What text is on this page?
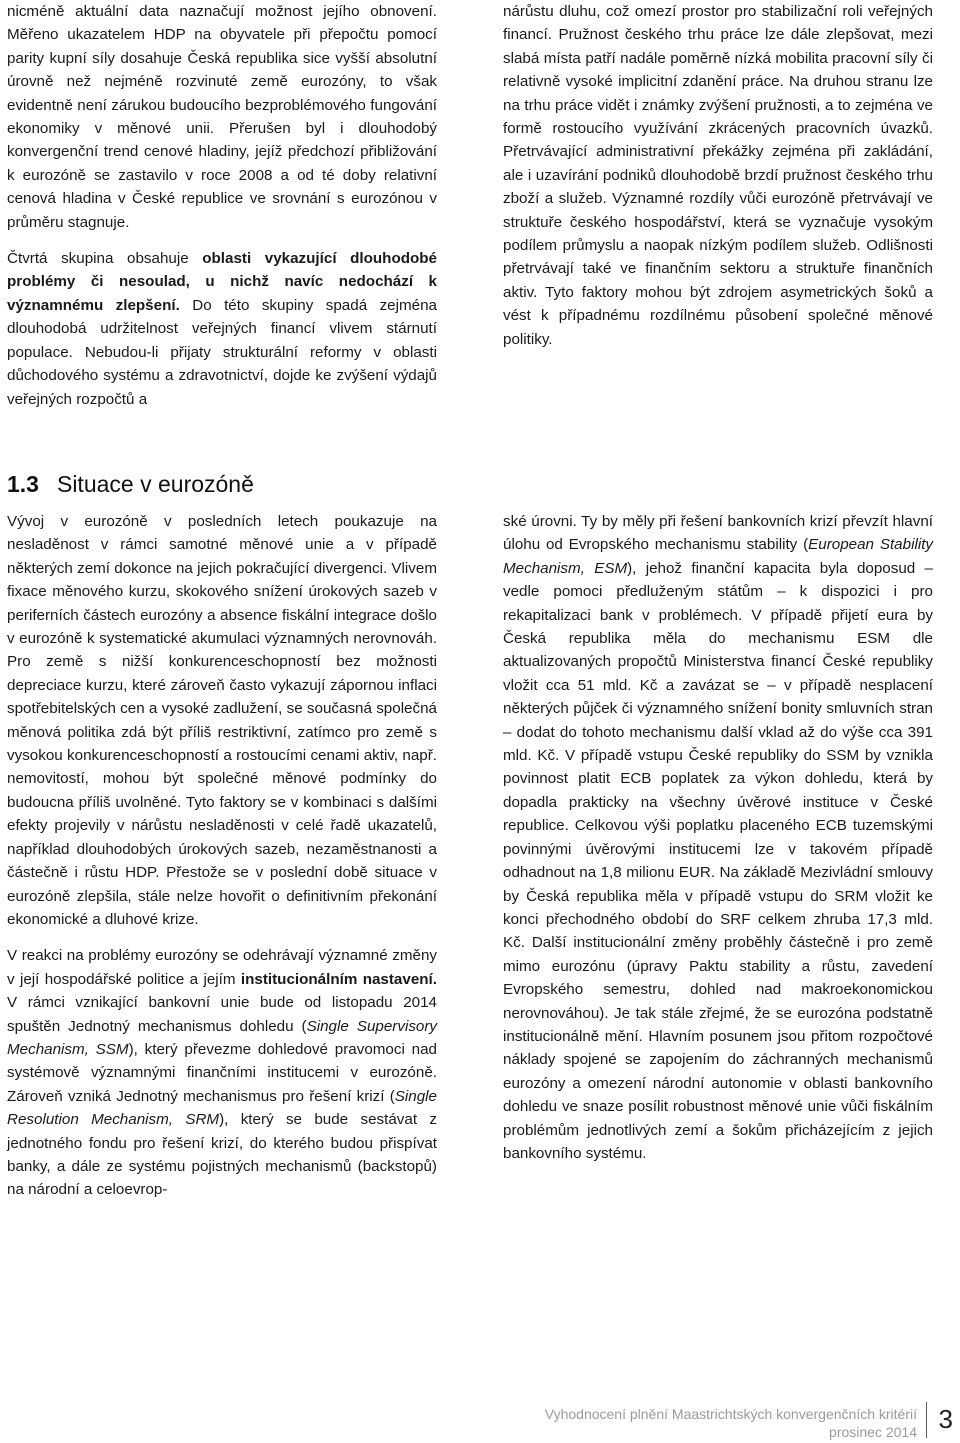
nicméně aktuální data naznačují možnost jejího obnovení. Měřeno ukazatelem HDP na obyvatele při přepočtu pomocí parity kupní síly dosahuje Česká republika sice vyšší absolutní úrovně než nejméně rozvinuté země eurozóny, to však evidentně není zárukou budoucího bezproblémového fungování ekonomiky v měnové unii. Přerušen byl i dlouhodobý konvergenční trend cenové hladiny, jejíž předchozí přibližování k eurozóně se zastavilo v roce 2008 a od té doby relativní cenová hladina v České republice ve srovnání s eurozónou v průměru stagnuje.

Čtvrtá skupina obsahuje oblasti vykazující dlouhodobé problémy či nesoulad, u nichž navíc nedochází k významnému zlepšení. Do této skupiny spadá zejména dlouhodobá udržitelnost veřejných financí vlivem stárnutí populace. Nebudou-li přijaty strukturální reformy v oblasti důchodového systému a zdravotnictví, dojde ke zvýšení výdajů veřejných rozpočtů a

nárůstu dluhu, což omezí prostor pro stabilizační roli veřejných financí. Pružnost českého trhu práce lze dále zlepšovat, mezi slabá místa patří nadále poměrně nízká mobilita pracovní síly či relativně vysoké implicitní zdanění práce. Na druhou stranu lze na trhu práce vidět i známky zvýšení pružnosti, a to zejména ve formě rostoucího využívání zkrácených pracovních úvazků. Přetrvávající administrativní překážky zejména při zakládání, ale i uzavírání podniků dlouhodobě brzdí pružnost českého trhu zboží a služeb. Významné rozdíly vůči eurozóně přetrvávají ve struktuře českého hospodářství, která se vyznačuje vysokým podílem průmyslu a naopak nízkým podílem služeb. Odlišnosti přetrvávají také ve finančním sektoru a struktuře finančních aktiv. Tyto faktory mohou být zdrojem asymetrických šoků a vést k případnému rozdílnému působení společné měnové politiky.

1.3 Situace v eurozóně

Vývoj v eurozóně v posledních letech poukazuje na nesladěnost v rámci samotné měnové unie a v případě některých zemí dokonce na jejich pokračující divergenci. Vlivem fixace měnového kurzu, skokového snížení úrokových sazeb v periferních částech eurozóny a absence fiskální integrace došlo v eurozóně k systematické akumulaci významných nerovnováh. Pro země s nižší konkurenceschopností bez možnosti depreciace kurzu, které zároveň často vykazují zápornou inflaci spotřebitelských cen a vysoké zadlužení, se současná společná měnová politika zdá být příliš restriktivní, zatímco pro země s vysokou konkurenceschopností a rostoucími cenami aktiv, např. nemovitostí, mohou být společné měnové podmínky do budoucna příliš uvolněné. Tyto faktory se v kombinaci s dalšími efekty projevily v nárůstu nesladěnosti v celé řadě ukazatelů, například dlouhodobých úrokových sazeb, nezaměstnanosti a částečně i růstu HDP. Přestože se v poslední době situace v eurozóně zlepšila, stále nelze hovořit o definitivním překonání ekonomické a dluhové krize.

V reakci na problémy eurozóny se odehrávají významné změny v její hospodářské politice a jejím institucionálním nastavení. V rámci vznikající bankovní unie bude od listopadu 2014 spuštěn Jednotný mechanismus dohledu (Single Supervisory Mechanism, SSM), který převezme dohledové pravomoci nad systémově významnými finančními institucemi v eurozóně. Zároveň vzniká Jednotný mechanismus pro řešení krizí (Single Resolution Mechanism, SRM), který se bude sestávat z jednotného fondu pro řešení krizí, do kterého budou přispívat banky, a dále ze systému pojistných mechanismů (backstopů) na národní a celoevrop-

ské úrovni. Ty by měly při řešení bankovních krizí převzít hlavní úlohu od Evropského mechanismu stability (European Stability Mechanism, ESM), jehož finanční kapacita byla doposud – vedle pomoci předluženým státům – k dispozici i pro rekapitalizaci bank v problémech. V případě přijetí eura by Česká republika měla do mechanismu ESM dle aktualizovaných propočtů Ministerstva financí České republiky vložit cca 51 mld. Kč a zavázat se – v případě nesplacení některých půjček či významného snížení bonity smluvních stran – dodat do tohoto mechanismu další vklad až do výše cca 391 mld. Kč. V případě vstupu České republiky do SSM by vznikla povinnost platit ECB poplatek za výkon dohledu, která by dopadla prakticky na všechny úvěrové instituce v České republice. Celkovou výši poplatku placeného ECB tuzemskými povinnými úvěrovými institucemi lze v takovém případě odhadnout na 1,8 milionu EUR. Na základě Mezivládní smlouvy by Česká republika měla v případě vstupu do SRM vložit ke konci přechodného období do SRF celkem zhruba 17,3 mld. Kč. Další institucionální změny proběhly částečně i pro země mimo eurozónu (úpravy Paktu stability a růstu, zavedení Evropského semestru, dohled nad makroekonomickou nerovnováhou). Je tak stále zřejmé, že se eurozóna podstatně institucionálně mění. Hlavním posunem jsou přitom rozpočtové náklady spojené se zapojením do záchranných mechanismů eurozóny a omezení národní autonomie v oblasti bankovního dohledu ve snaze posílit robustnost měnové unie vůči fiskálním problémům jednotlivých zemí a šokům přicházejícím z jejich bankovního systému.

Vyhodnocení plnění Maastrichtských konvergenčních kritérií
prosinec 2014 3
